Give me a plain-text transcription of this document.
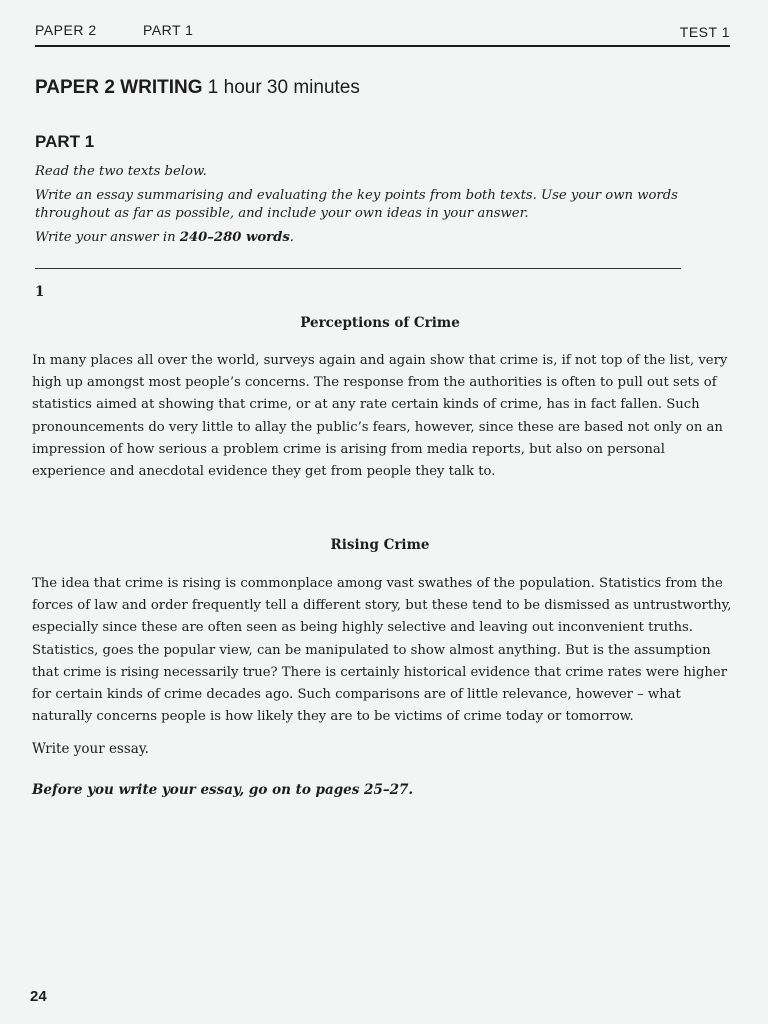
PAPER 2	PART 1	TEST 1
PAPER 2 WRITING 1 hour 30 minutes
PART 1
Read the two texts below.
Write an essay summarising and evaluating the key points from both texts. Use your own words throughout as far as possible, and include your own ideas in your answer.
Write your answer in 240–280 words.
1
Perceptions of Crime
In many places all over the world, surveys again and again show that crime is, if not top of the list, very high up amongst most people’s concerns. The response from the authorities is often to pull out sets of statistics aimed at showing that crime, or at any rate certain kinds of crime, has in fact fallen. Such pronouncements do very little to allay the public’s fears, however, since these are based not only on an impression of how serious a problem crime is arising from media reports, but also on personal experience and anecdotal evidence they get from people they talk to.
Rising Crime
The idea that crime is rising is commonplace among vast swathes of the population. Statistics from the forces of law and order frequently tell a different story, but these tend to be dismissed as untrustworthy, especially since these are often seen as being highly selective and leaving out inconvenient truths. Statistics, goes the popular view, can be manipulated to show almost anything. But is the assumption that crime is rising necessarily true? There is certainly historical evidence that crime rates were higher for certain kinds of crime decades ago. Such comparisons are of little relevance, however – what naturally concerns people is how likely they are to be victims of crime today or tomorrow.
Write your essay.
Before you write your essay, go on to pages 25–27.
24
